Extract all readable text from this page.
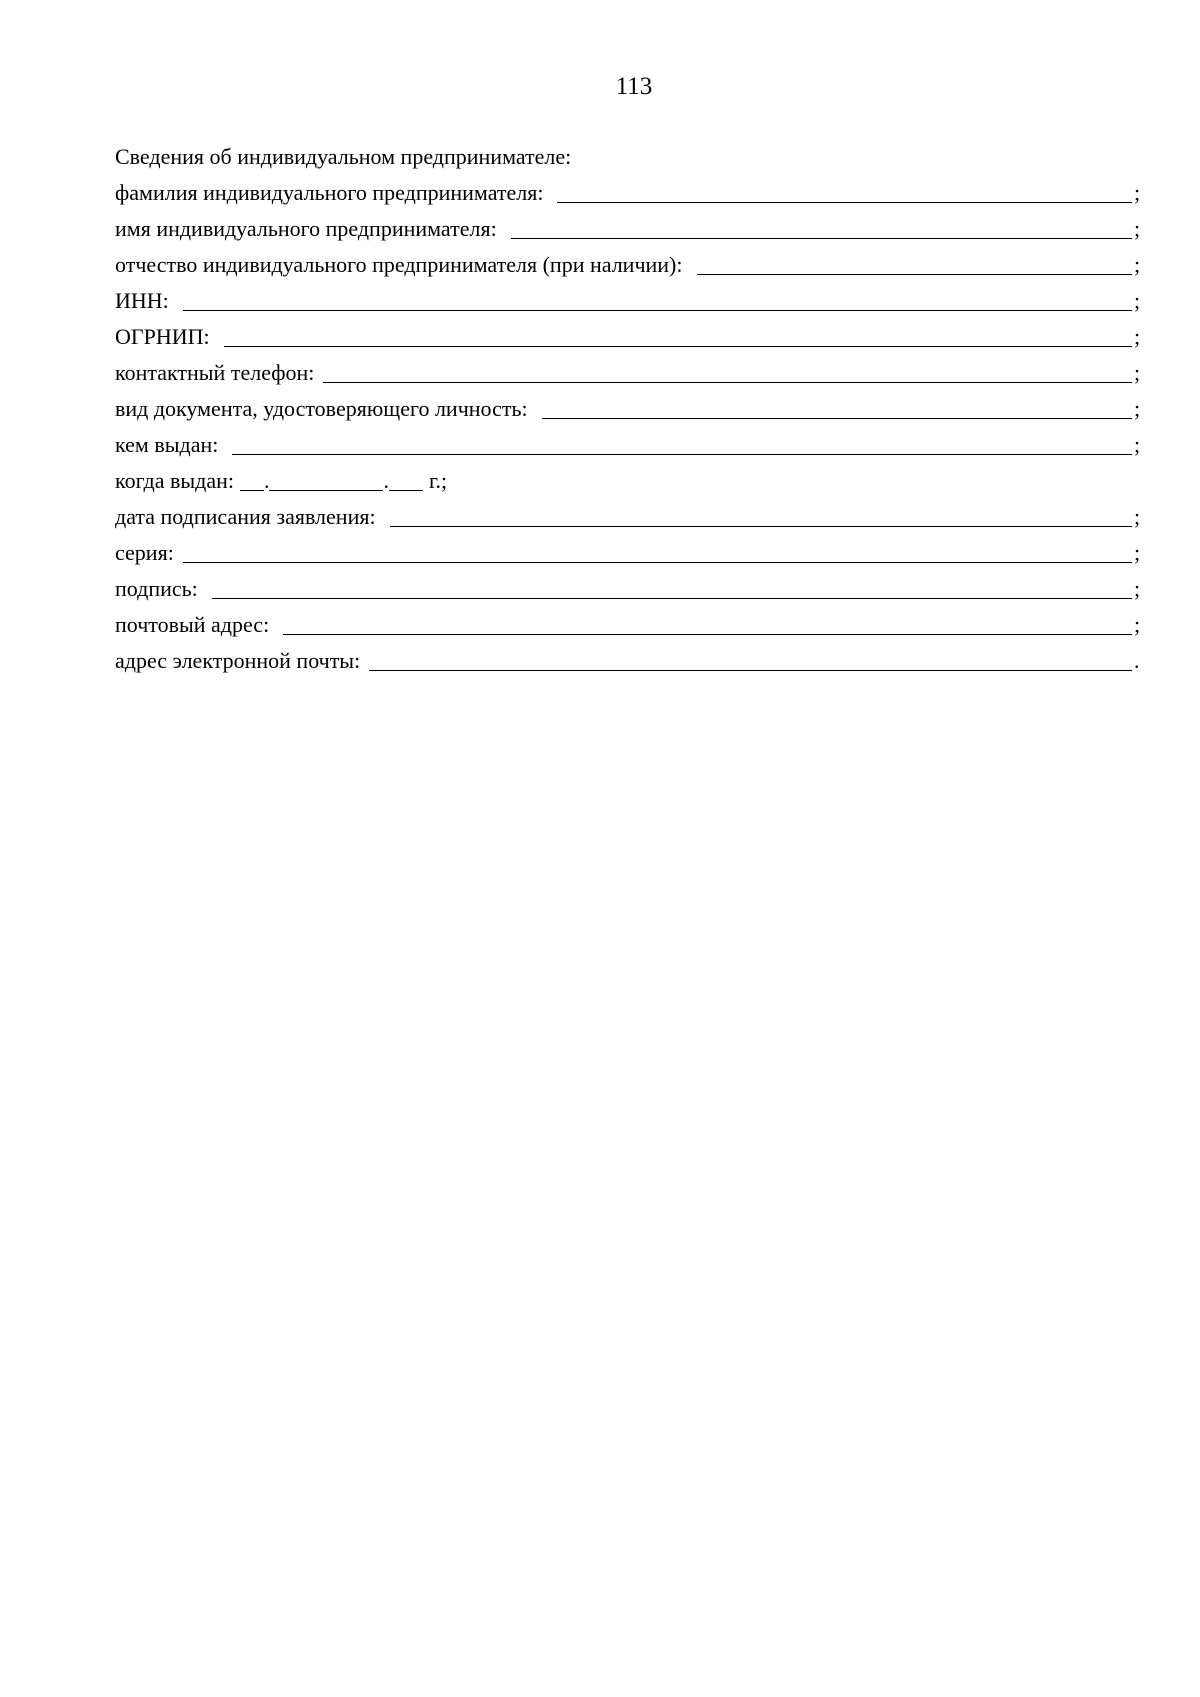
113
Сведения об индивидуальном предпринимателе:
фамилия индивидуального предпринимателя:	;
имя индивидуального предпринимателя:	;
отчество индивидуального предпринимателя (при наличии):	;
ИНН:	;
ОГРНИП:	;
контактный телефон:	;
вид документа, удостоверяющего личность:	;
кем выдан:	;
когда выдан: .	. г.;
дата подписания заявления:	;
серия:	;
подпись:	;
почтовый адрес:	;
адрес электронной почты:	.
